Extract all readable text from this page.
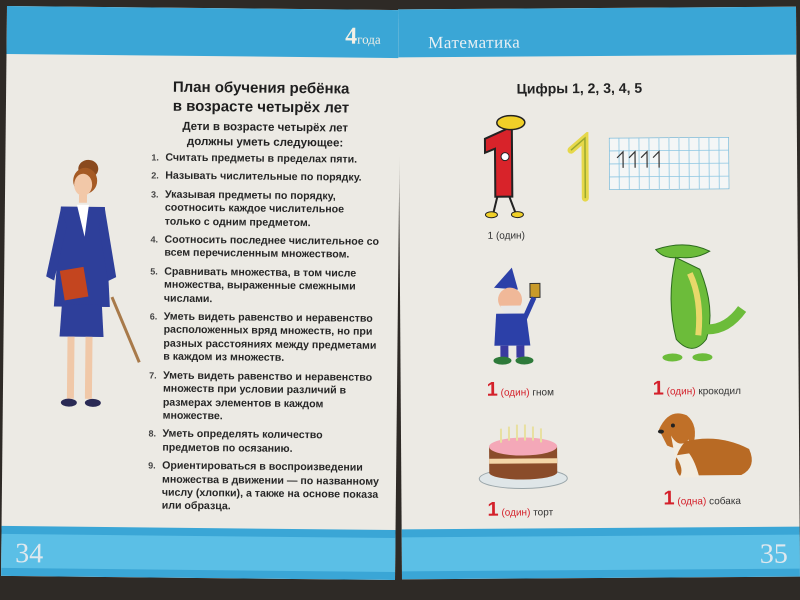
4года
План обучения ребёнка
в возрасте четырёх лет
Дети в возрасте четырёх лет должны уметь следующее:
1. Считать предметы в пределах пяти.
2. Называть числительные по порядку.
3. Указывая предметы по порядку, соотносить каждое числительное только с одним предметом.
4. Соотносить последнее числительное со всем перечисленным множеством.
5. Сравнивать множества, в том числе множества, выраженные смежными числами.
6. Уметь видеть равенство и неравенство расположенных вряд множеств, но при разных расстояниях между предметами в каждом из множеств.
7. Уметь видеть равенство и неравенство множеств при условии различий в размерах элементов в каждом множестве.
8. Уметь определять количество предметов по осязанию.
9. Ориентироваться в воспроизведении множества в движении — по названному числу (хлопки), а также на основе показа или образца.
34
Математика
Цифры 1, 2, 3, 4, 5
1 (один)
1 (один) гном	1 (один) крокодил
1 (один) торт
1 (одна) собака
35
